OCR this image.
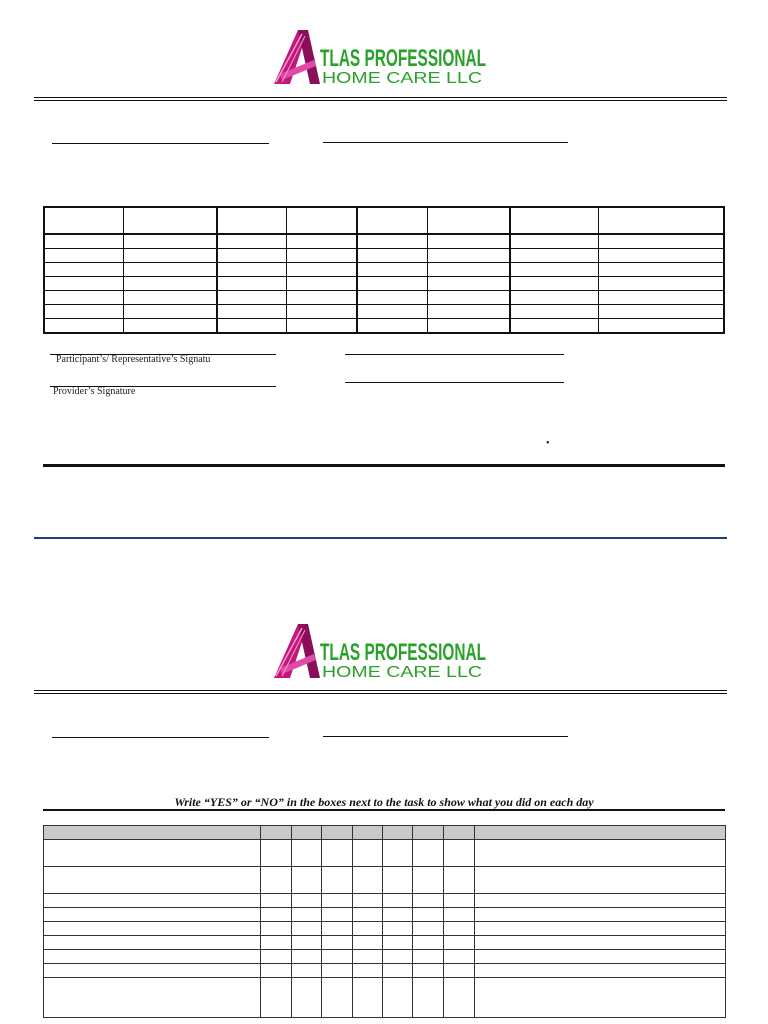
TLAS PROFESSIONAL
HOME CARE LLC

Participant’s/ Representative’s Signatu
Provider’s Signature
•
TLAS PROFESSIONAL
HOME CARE LLC
Write “YES” or “NO” in the boxes next to the task to show what you did on each day
